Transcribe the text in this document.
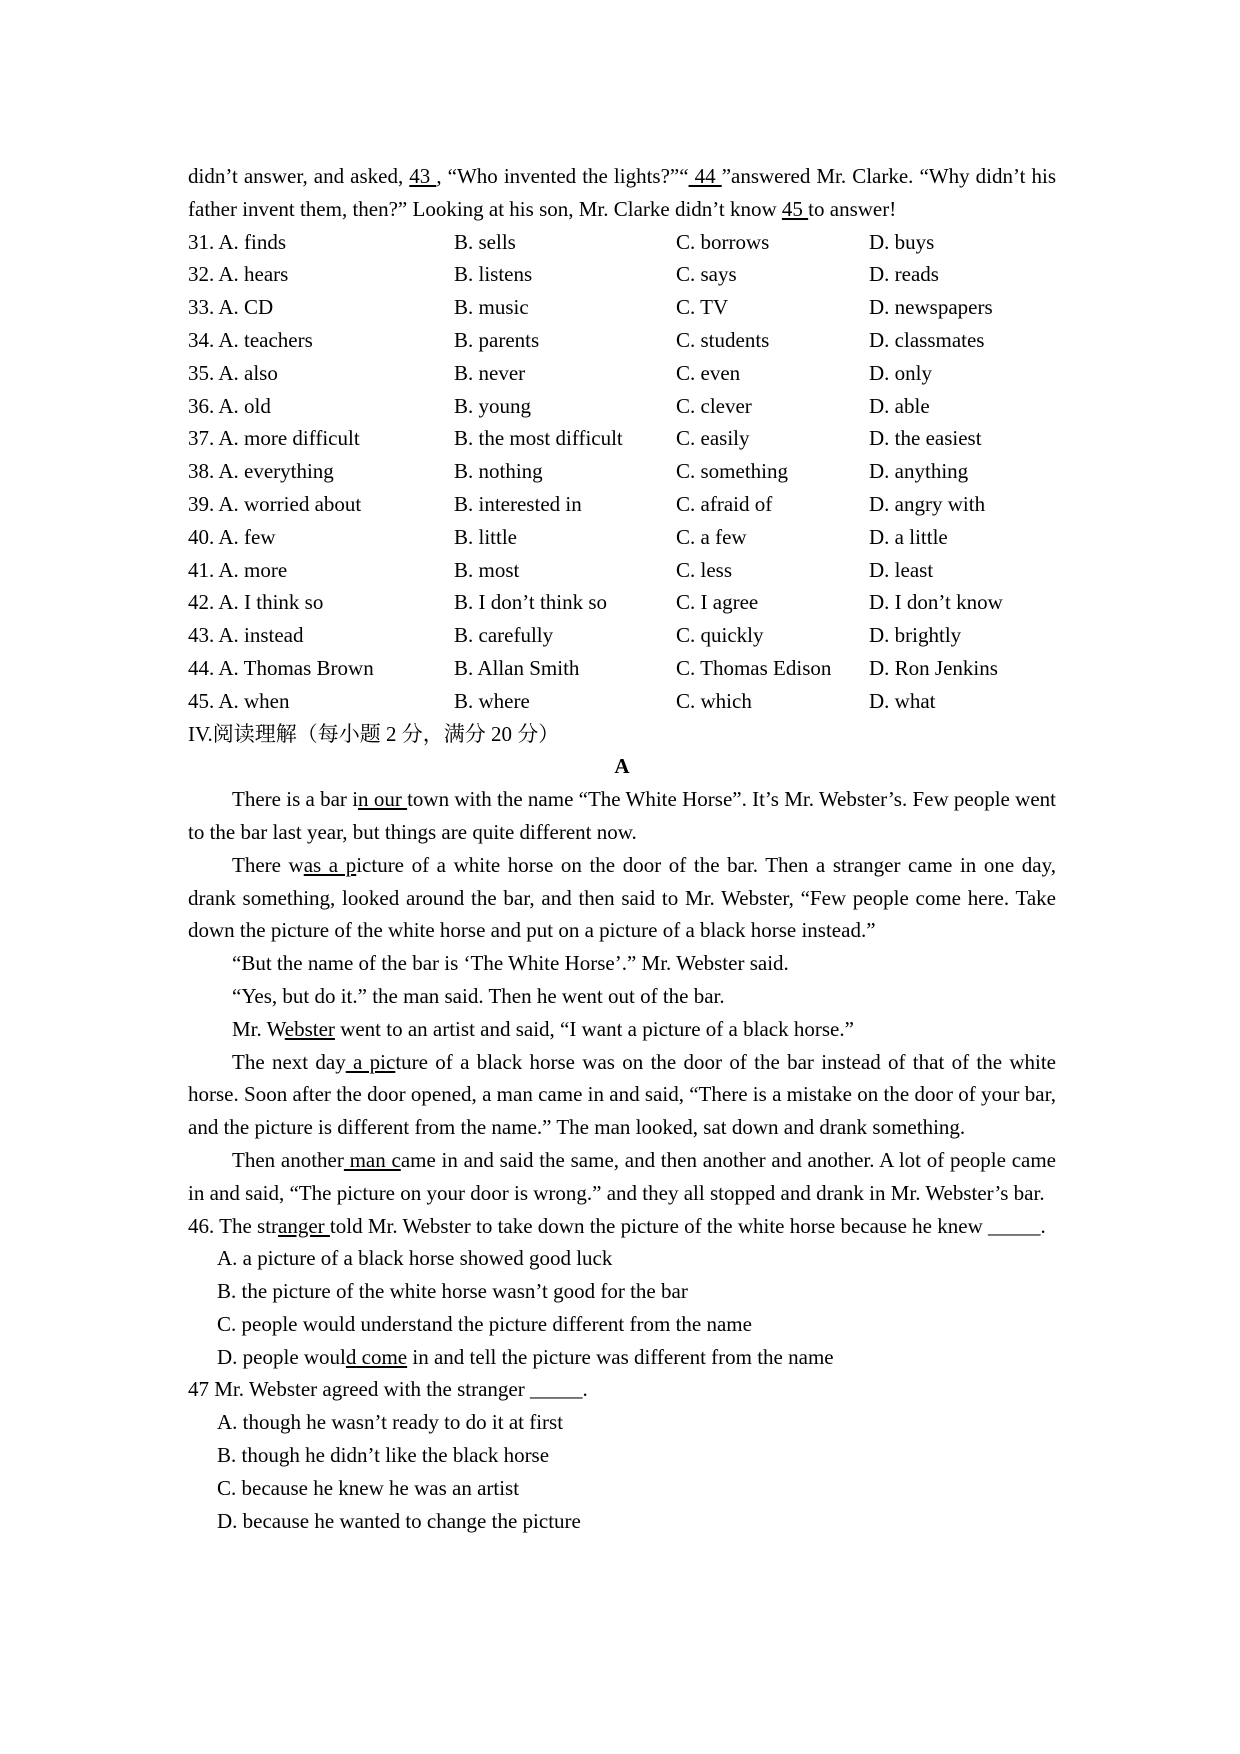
didn’t answer, and asked, 43 , “Who invented the lights?”“ 44 ”answered Mr. Clarke. “Why didn’t his father invent them, then?” Looking at his son, Mr. Clarke didn’t know 45 to answer!

31. A. finds	B. sells	C. borrows	D. buys
32. A. hears	B. listens	C. says	D. reads
33. A. CD	B. music	C. TV	D. newspapers
34. A. teachers	B. parents	C. students	D. classmates
35. A. also	B. never	C. even	D. only
36. A. old	B. young	C. clever	D. able
37. A. more difficult	B. the most difficult	C. easily	D. the easiest
38. A. everything	B. nothing	C. something	D. anything
39. A. worried about	B. interested in	C. afraid of	D. angry with
40. A. few	B. little	C. a few	D. a little
41. A. more	B. most	C. less	D. least
42. A. I think so	B. I don’t think so	C. I agree	D. I don’t know
43. A. instead	B. carefully	C. quickly	D. brightly
44. A. Thomas Brown	B. Allan Smith	C. Thomas Edison	D. Ron Jenkins
45. A. when	B. where	C. which	D. what

IV.阅读理解（每小题 2 分，满分 20 分）

A

There is a bar in our town with the name “The White Horse”. It’s Mr. Webster’s. Few people went to the bar last year, but things are quite different now.

There was a picture of a white horse on the door of the bar. Then a stranger came in one day, drank something, looked around the bar, and then said to Mr. Webster, “Few people come here. Take down the picture of the white horse and put on a picture of a black horse instead.”

“But the name of the bar is ‘The White Horse’.” Mr. Webster said.

“Yes, but do it.” the man said. Then he went out of the bar.

Mr. Webster went to an artist and said, “I want a picture of a black horse.”

The next day a picture of a black horse was on the door of the bar instead of that of the white horse. Soon after the door opened, a man came in and said, “There is a mistake on the door of your bar, and the picture is different from the name.” The man looked, sat down and drank something.

Then another man came in and said the same, and then another and another. A lot of people came in and said, “The picture on your door is wrong.” and they all stopped and drank in Mr. Webster’s bar.

46. The stranger told Mr. Webster to take down the picture of the white horse because he knew _____.

A. a picture of a black horse showed good luck

B. the picture of the white horse wasn’t good for the bar

C. people would understand the picture different from the name

D. people would come in and tell the picture was different from the name

47 Mr. Webster agreed with the stranger _____.

A. though he wasn’t ready to do it at first

B. though he didn’t like the black horse

C. because he knew he was an artist

D. because he wanted to change the picture
